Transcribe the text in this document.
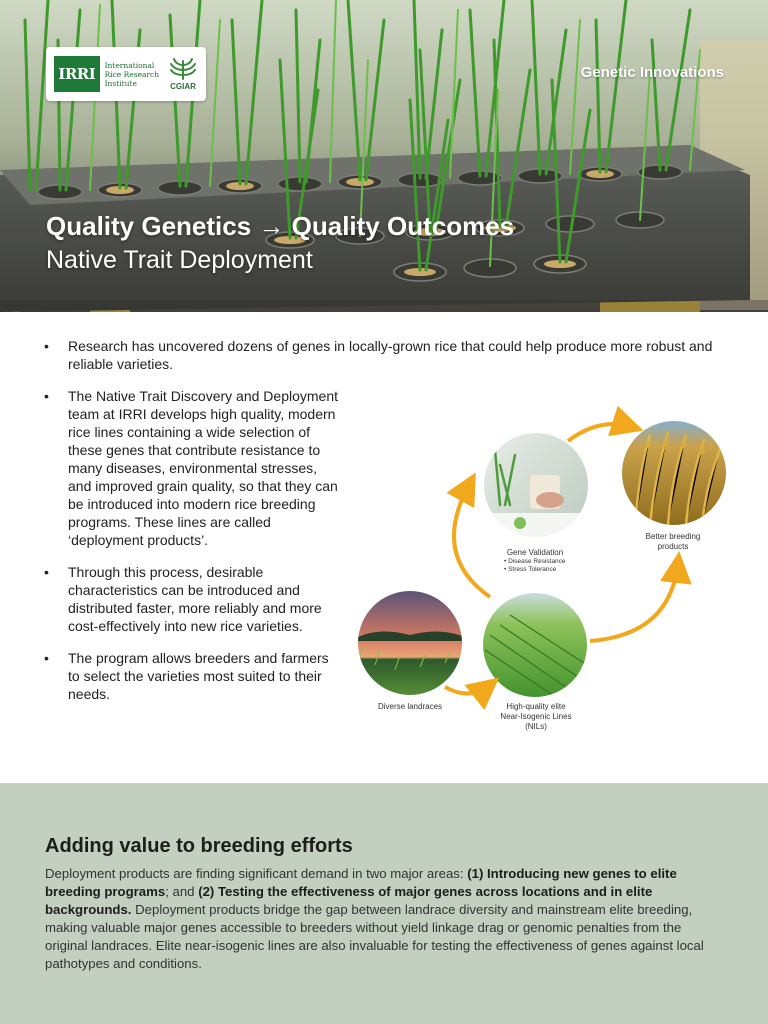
IRRI	International Rice Research Institute	CGIAR
Genetic Innovations
Quality Genetics → Quality Outcomes
Native Trait Deployment
• Research has uncovered dozens of genes in locally-grown rice that could help produce more robust and reliable varieties.
• The Native Trait Discovery and Deployment team at IRRI develops high quality, modern rice lines containing a wide selection of these genes that contribute resistance to many diseases, environmental stresses, and improved grain quality, so that they can be introduced into modern rice breeding programs. These lines are called ‘deployment products’.
• Through this process, desirable characteristics can be introduced and distributed faster, more reliably and more cost-effectively into new rice varieties.
• The program allows breeders and farmers to select the varieties most suited to their needs.
Gene Validation
• Disease Resistance
• Stress Tolerance
Better breeding
products
Diverse landraces	High-quality elite
Near-Isogenic Lines
(NILs)
Adding value to breeding efforts

Deployment products are finding significant demand in two major areas: (1) Introducing new genes to elite breeding programs; and (2) Testing the effectiveness of major genes across locations and in elite backgrounds. Deployment products bridge the gap between landrace diversity and mainstream elite breeding, making valuable major genes accessible to breeders without yield linkage drag or genomic penalties from the original landraces. Elite near-isogenic lines are also invaluable for testing the effectiveness of genes against local pathotypes and conditions.
